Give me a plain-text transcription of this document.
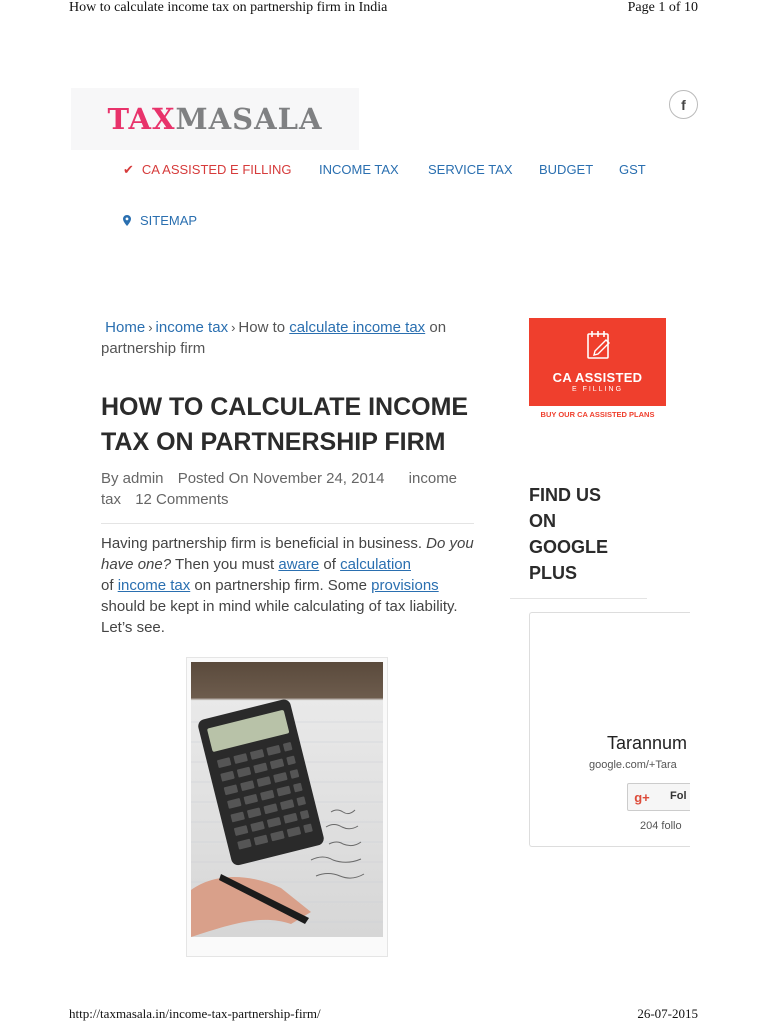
How to calculate income tax on partnership firm in India	Page 1 of 10
TAXMASALA	f
✔ CA ASSISTED E FILLING INCOME TAX SERVICE TAX BUDGET GST
SITEMAP
Home › income tax › How to calculate income tax on partnership firm
HOW TO CALCULATE INCOME TAX ON PARTNERSHIP FIRM
By admin Posted On November 24, 2014 income tax 12 Comments

Having partnership firm is beneficial in business. Do you have one? Then you must aware of calculation
of income tax on partnership firm. Some provisions should be kept in mind while calculating of tax liability. Let’s see.

CA ASSISTED
E FILLING
BUY OUR CA ASSISTED PLANS
FIND US ON GOOGLE PLUS
Tarannum
google.com/+Tara
g+	Fol
204 follo
http://taxmasala.in/income-tax-partnership-firm/	26-07-2015
